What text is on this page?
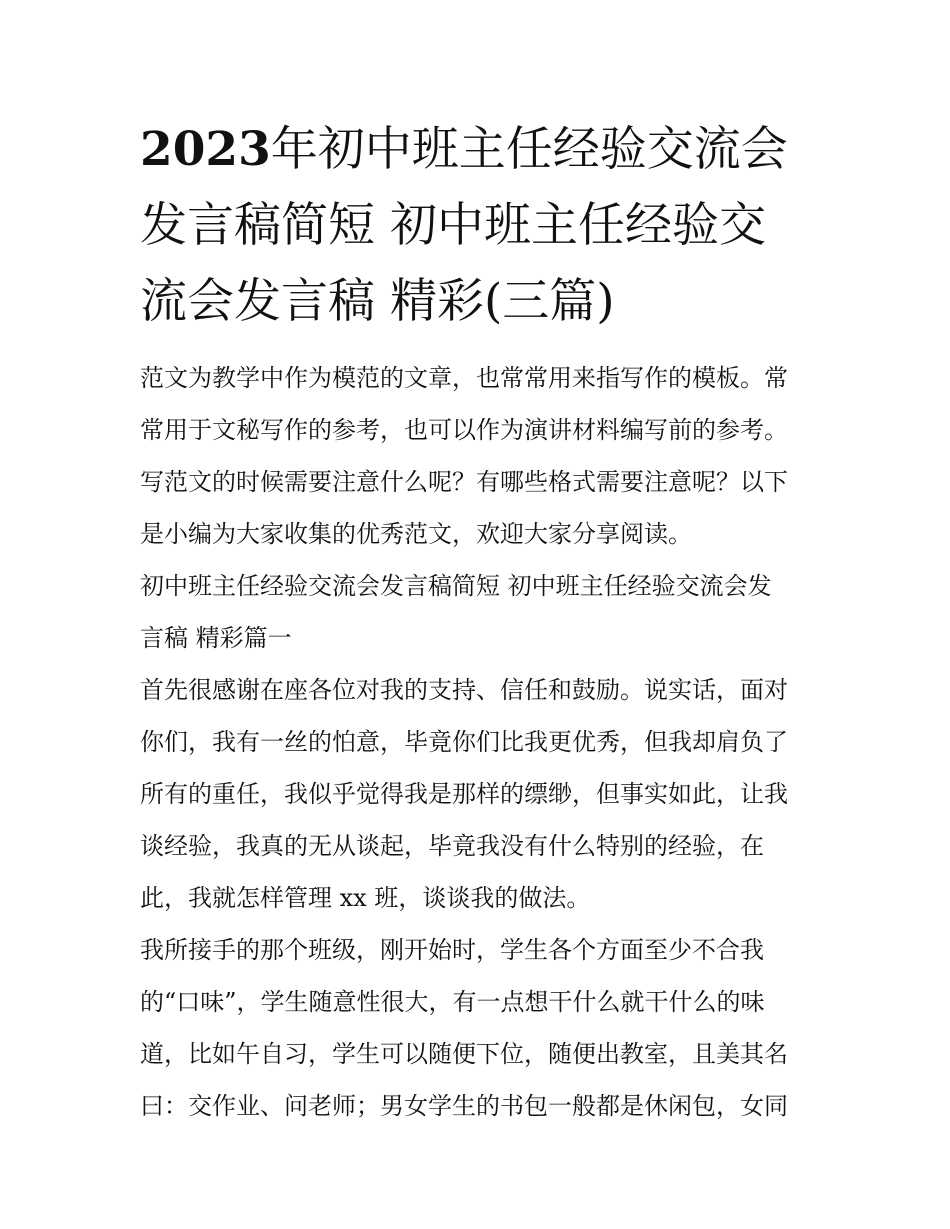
2023年初中班主任经验交流会
发言稿简短 初中班主任经验交
流会发言稿 精彩(三篇)

范文为教学中作为模范的文章，也常常用来指写作的模板。常
常用于文秘写作的参考，也可以作为演讲材料编写前的参考。
写范文的时候需要注意什么呢？有哪些格式需要注意呢？以下
是小编为大家收集的优秀范文，欢迎大家分享阅读。

初中班主任经验交流会发言稿简短 初中班主任经验交流会发
言稿 精彩篇一

首先很感谢在座各位对我的支持、信任和鼓励。说实话，面对
你们，我有一丝的怕意，毕竟你们比我更优秀，但我却肩负了
所有的重任，我似乎觉得我是那样的缥缈，但事实如此，让我
谈经验，我真的无从谈起，毕竟我没有什么特别的经验，在
此，我就怎样管理 xx 班，谈谈我的做法。

我所接手的那个班级，刚开始时，学生各个方面至少不合我
的“口味”，学生随意性很大，有一点想干什么就干什么的味
道，比如午自习，学生可以随便下位，随便出教室，且美其名
曰：交作业、问老师；男女学生的书包一般都是休闲包，女同
